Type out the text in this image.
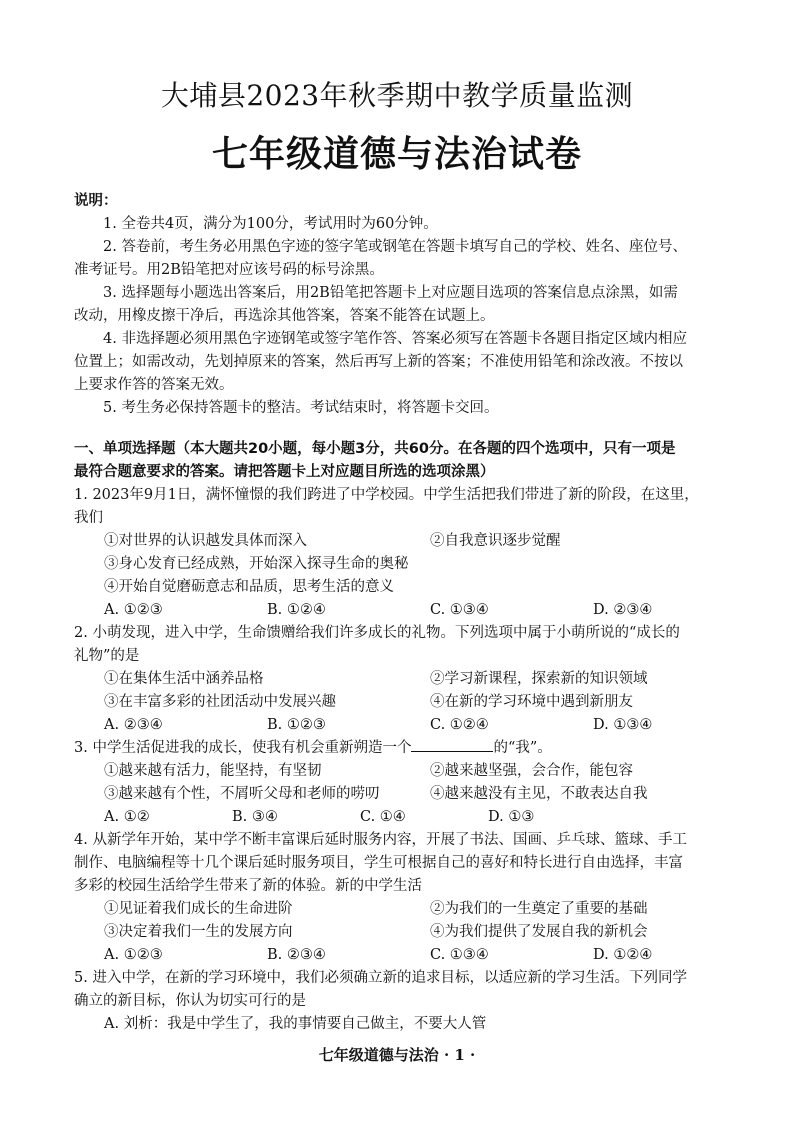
大埔县2023年秋季期中教学质量监测
七年级道德与法治试卷
说明：
1. 全卷共4页，满分为100分，考试用时为60分钟。
2. 答卷前，考生务必用黑色字迹的签字笔或钢笔在答题卡填写自己的学校、姓名、座位号、
准考证号。用2B铅笔把对应该号码的标号涂黑。
3. 选择题每小题选出答案后，用2B铅笔把答题卡上对应题目选项的答案信息点涂黑，如需
改动，用橡皮擦干净后，再选涂其他答案，答案不能答在试题上。
4. 非选择题必须用黑色字迹钢笔或签字笔作答、答案必须写在答题卡各题目指定区域内相应
位置上；如需改动，先划掉原来的答案，然后再写上新的答案；不准使用铅笔和涂改液。不按以
上要求作答的答案无效。
5. 考生务必保持答题卡的整洁。考试结束时，将答题卡交回。
一、单项选择题（本大题共20小题，每小题3分，共60分。在各题的四个选项中，只有一项是
最符合题意要求的答案。请把答题卡上对应题目所选的选项涂黑）
1. 2023年9月1日，满怀憧憬的我们跨进了中学校园。中学生活把我们带进了新的阶段，在这里，
我们
①对世界的认识越发具体而深入	②自我意识逐步觉醒
③身心发育已经成熟，开始深入探寻生命的奥秘
④开始自觉磨砺意志和品质，思考生活的意义
A. ①②③	B. ①②④	C. ①③④	D. ②③④
2. 小萌发现，进入中学，生命馈赠给我们许多成长的礼物。下列选项中属于小萌所说的“成长的
礼物”的是
①在集体生活中涵养品格	②学习新课程，探索新的知识领域
③在丰富多彩的社团活动中发展兴趣	④在新的学习环境中遇到新朋友
A. ②③④	B. ①②③	C. ①②④	D. ①③④
3. 中学生活促进我的成长，使我有机会重新朔造一个	的“我”。
①越来越有活力，能坚持，有坚韧	②越来越坚强，会合作，能包容
③越来越有个性，不屑听父母和老师的唠叨	④越来越没有主见，不敢表达自我
A. ①②	B. ③④	C. ①④	D. ①③
4. 从新学年开始，某中学不断丰富课后延时服务内容，开展了书法、国画、乒乓球、篮球、手工
制作、电脑编程等十几个课后延时服务项目，学生可根据自己的喜好和特长进行自由选择，丰富
多彩的校园生活给学生带来了新的体验。新的中学生活
①见证着我们成长的生命进阶	②为我们的一生奠定了重要的基础
③决定着我们一生的发展方向	④为我们提供了发展自我的新机会
A. ①②③	B. ②③④	C. ①③④	D. ①②④
5. 进入中学，在新的学习环境中，我们必须确立新的追求目标，以适应新的学习生活。下列同学
确立的新目标，你认为切实可行的是
A. 刘析：我是中学生了，我的事情要自己做主，不要大人管
七年级道德与法治 · 1 ·
